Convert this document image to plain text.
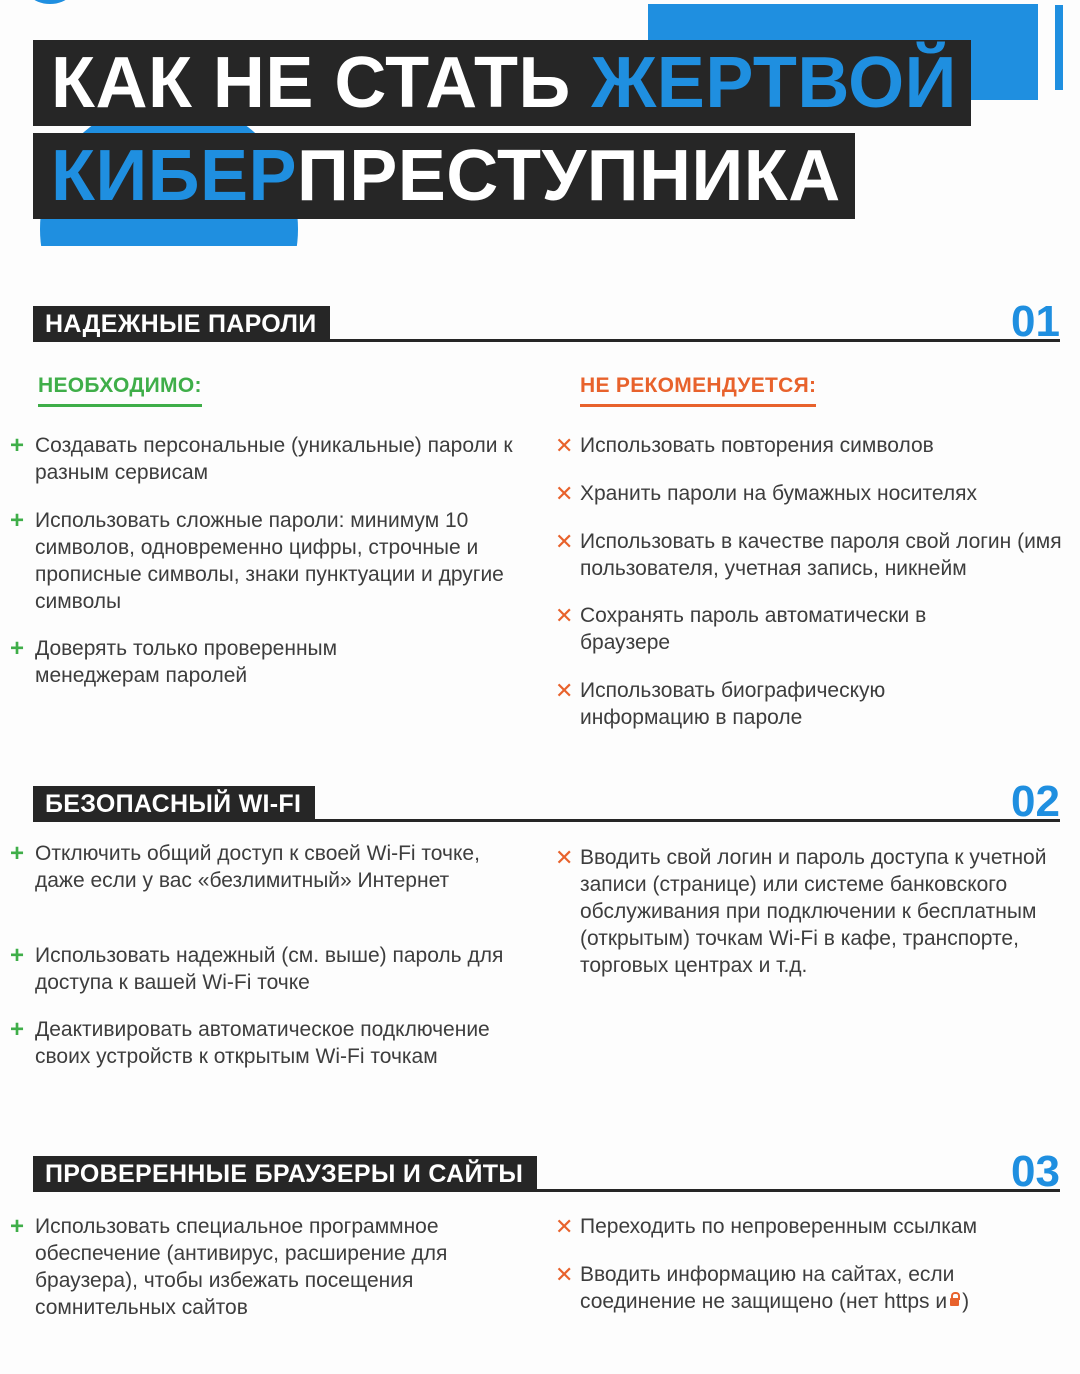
КАК НЕ СТАТЬ ЖЕРТВОЙ
КИБЕРПРЕСТУПНИКА
НАДЕЖНЫЕ ПАРОЛИ	01
НЕОБХОДИМО:	НЕ РЕКОМЕНДУЕТСЯ:
+ Создавать персональные (уникальные) пароли к разным сервисам
+ Использовать сложные пароли: минимум 10 символов, одновременно цифры, строчные и прописные символы, знаки пунктуации и другие символы
+ Доверять только проверенным менеджерам паролей
✕ Использовать повторения символов
✕ Хранить пароли на бумажных носителях
✕ Использовать в качестве пароля свой логин (имя пользователя, учетная запись, никнейм
✕ Сохранять пароль автоматически в браузере
✕ Использовать биографическую информацию в пароле
БЕЗОПАСНЫЙ WI-FI	02
+ Отключить общий доступ к своей Wi-Fi точке, даже если у вас «безлимитный» Интернет
+ Использовать надежный (см. выше) пароль для доступа к вашей Wi-Fi точке
+ Деактивировать автоматическое подключение своих устройств к открытым Wi-Fi точкам
✕ Вводить свой логин и пароль доступа к учетной записи (странице) или системе банковского обслуживания при подключении к бесплатным (открытым) точкам Wi-Fi в кафе, транспорте, торговых центрах и т.д.
ПРОВЕРЕННЫЕ БРАУЗЕРЫ И САЙТЫ	03
+ Использовать специальное программное обеспечение (антивирус, расширение для браузера), чтобы избежать посещения сомнительных сайтов
✕ Переходить по непроверенным ссылкам
✕ Вводить информацию на сайтах, если соединение не защищено (нет https и )
